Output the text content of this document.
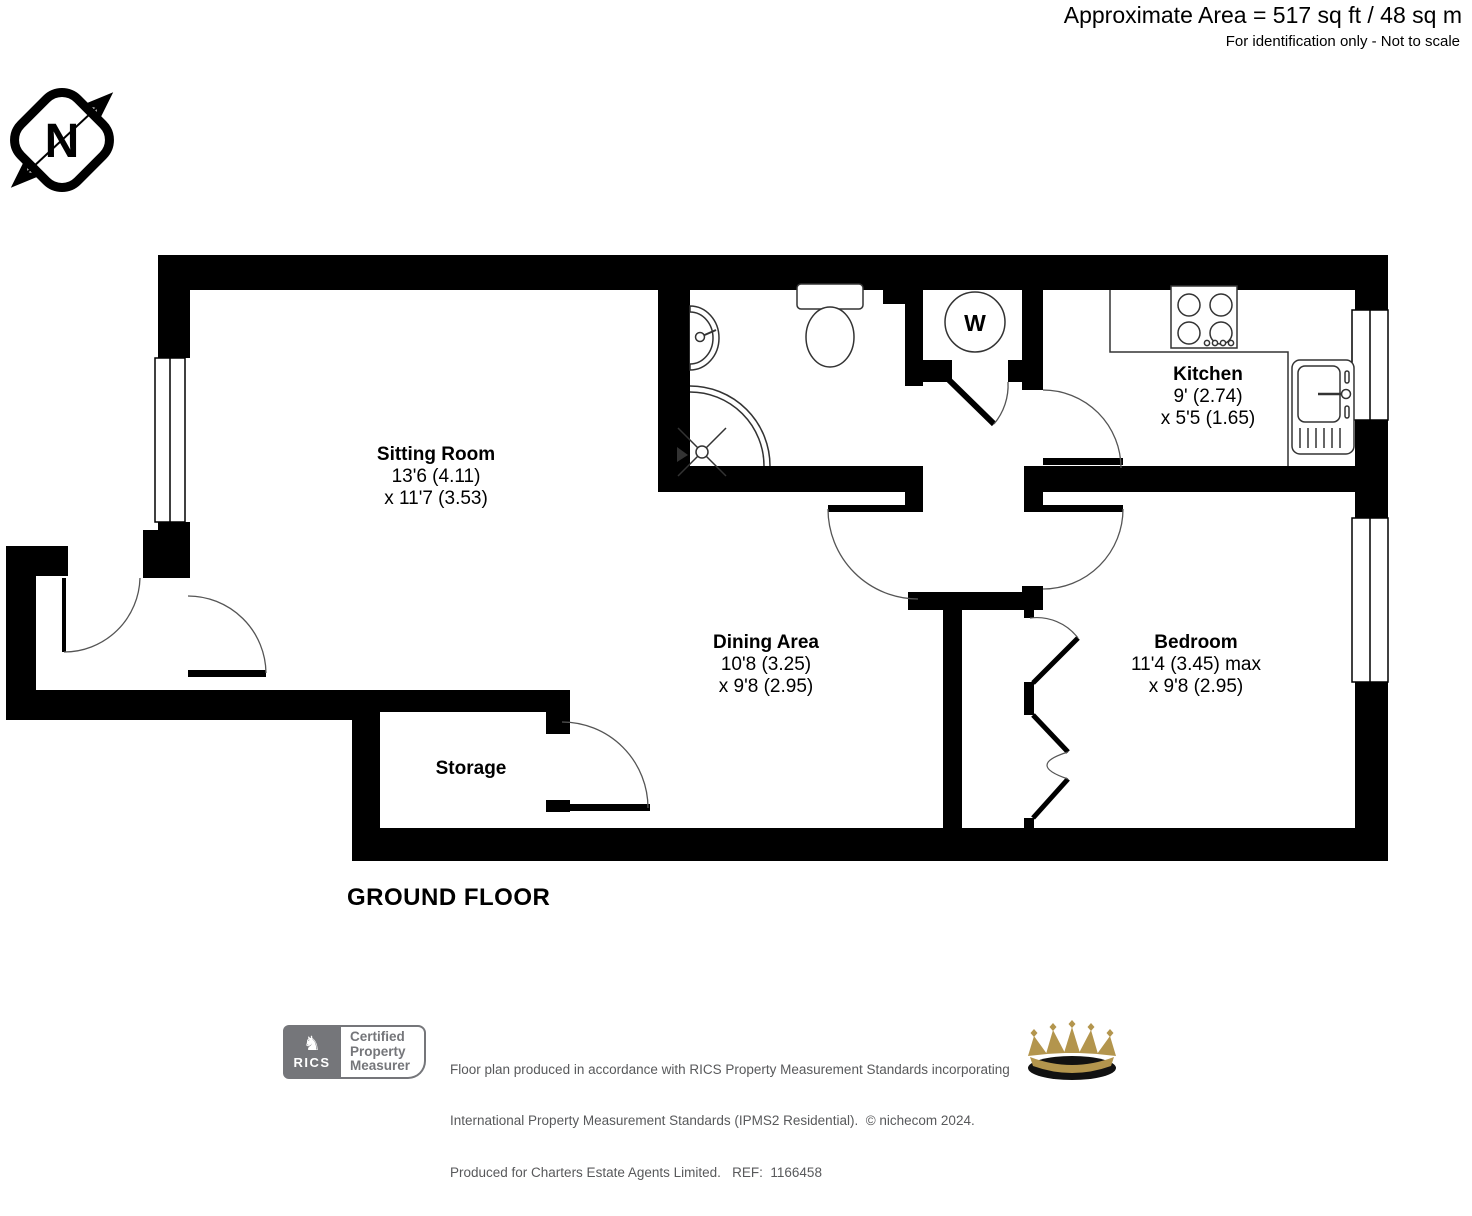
Approximate Area = 517 sq ft / 48 sq m
For identification only - Not to scale
N
W
Sitting Room
13'6 (4.11)
x 11'7 (3.53)
Kitchen
9' (2.74)
x 5'5 (1.65)
Dining Area
10'8 (3.25)
x 9'8 (2.95)
Bedroom
11'4 (3.45) max
x 9'8 (2.95)
Storage
GROUND FLOOR
♞
RICS
Certified
Property
Measurer

	Floor plan produced in accordance with RICS Property Measurement Standards incorporating

International Property Measurement Standards (IPMS2 Residential).  © nichecom 2024.

Produced for Charters Estate Agents Limited.   REF:  1166458
